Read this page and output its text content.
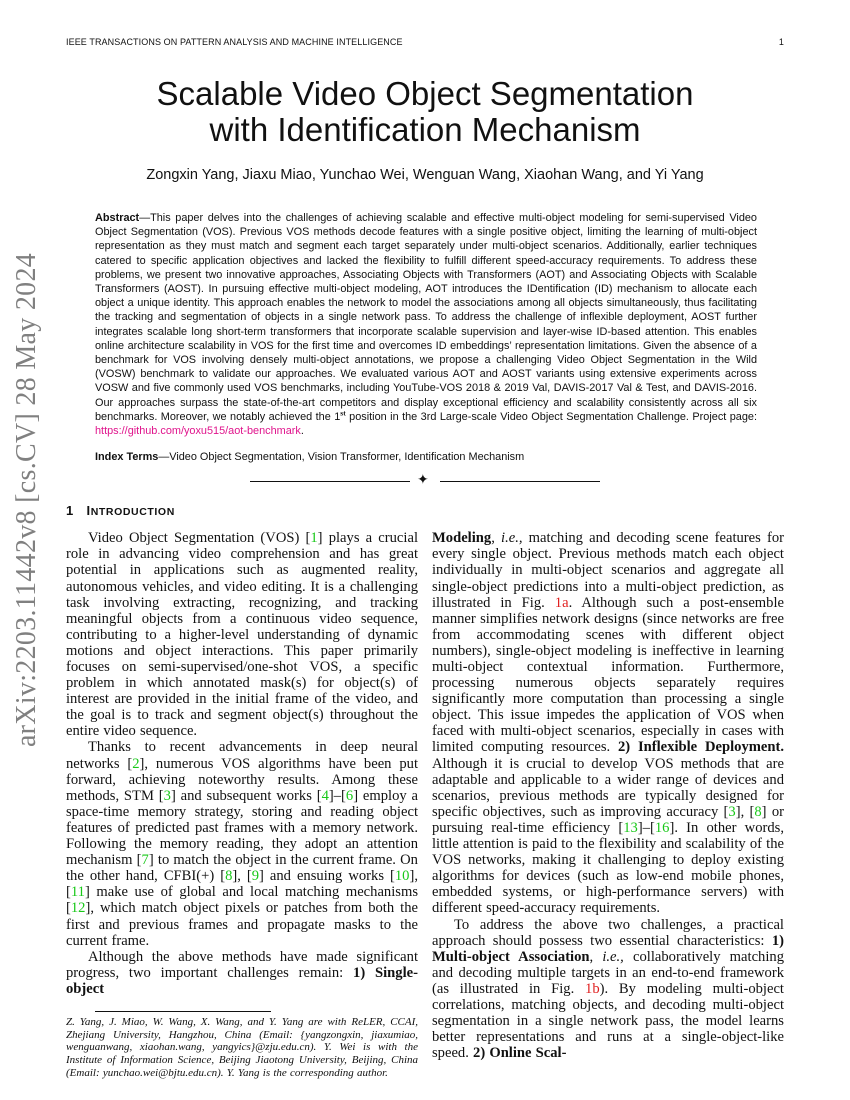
IEEE TRANSACTIONS ON PATTERN ANALYSIS AND MACHINE INTELLIGENCE	1
arXiv:2203.11442v8 [cs.CV] 28 May 2024
Scalable Video Object Segmentation
with Identification Mechanism
Zongxin Yang, Jiaxu Miao, Yunchao Wei, Wenguan Wang, Xiaohan Wang, and Yi Yang
Abstract—This paper delves into the challenges of achieving scalable and effective multi-object modeling for semi-supervised Video Object Segmentation (VOS). Previous VOS methods decode features with a single positive object, limiting the learning of multi-object representation as they must match and segment each target separately under multi-object scenarios. Additionally, earlier techniques catered to specific application objectives and lacked the flexibility to fulfill different speed-accuracy requirements. To address these problems, we present two innovative approaches, Associating Objects with Transformers (AOT) and Associating Objects with Scalable Transformers (AOST). In pursuing effective multi-object modeling, AOT introduces the IDentification (ID) mechanism to allocate each object a unique identity. This approach enables the network to model the associations among all objects simultaneously, thus facilitating the tracking and segmentation of objects in a single network pass. To address the challenge of inflexible deployment, AOST further integrates scalable long short-term transformers that incorporate scalable supervision and layer-wise ID-based attention. This enables online architecture scalability in VOS for the first time and overcomes ID embeddings’ representation limitations. Given the absence of a benchmark for VOS involving densely multi-object annotations, we propose a challenging Video Object Segmentation in the Wild (VOSW) benchmark to validate our approaches. We evaluated various AOT and AOST variants using extensive experiments across VOSW and five commonly used VOS benchmarks, including YouTube-VOS 2018 & 2019 Val, DAVIS-2017 Val & Test, and DAVIS-2016. Our approaches surpass the state-of-the-art competitors and display exceptional efficiency and scalability consistently across all six benchmarks. Moreover, we notably achieved the 1st position in the 3rd Large-scale Video Object Segmentation Challenge. Project page: https://github.com/yoxu515/aot-benchmark.
Index Terms—Video Object Segmentation, Vision Transformer, Identification Mechanism
✦
1 INTRODUCTION

Video Object Segmentation (VOS) [1] plays a crucial role in advancing video comprehension and has great potential in applications such as augmented reality, autonomous vehicles, and video editing. It is a challenging task involving extracting, recognizing, and tracking meaningful objects from a continuous video sequence, contributing to a higher-level understanding of dynamic motions and object interactions. This paper primarily focuses on semi-supervised/one-shot VOS, a specific problem in which annotated mask(s) for object(s) of interest are provided in the initial frame of the video, and the goal is to track and segment object(s) throughout the entire video sequence.

Thanks to recent advancements in deep neural networks [2], numerous VOS algorithms have been put forward, achieving noteworthy results. Among these methods, STM [3] and subsequent works [4]–[6] employ a space-time memory strategy, storing and reading object features of predicted past frames with a memory network. Following the memory reading, they adopt an attention mechanism [7] to match the object in the current frame. On the other hand, CFBI(+) [8], [9] and ensuing works [10], [11] make use of global and local matching mechanisms [12], which match object pixels or patches from both the first and previous frames and propagate masks to the current frame.

Although the above methods have made significant progress, two important challenges remain: 1) Single-object

Z. Yang, J. Miao, W. Wang, X. Wang, and Y. Yang are with ReLER, CCAI, Zhejiang University, Hangzhou, China (Email: {yangzongxin, jiaxumiao, wenguanwang, xiaohan.wang, yangyics}@zju.edu.cn). Y. Wei is with the Institute of Information Science, Beijing Jiaotong University, Beijing, China (Email: yunchao.wei@bjtu.edu.cn). Y. Yang is the corresponding author.

Modeling, i.e., matching and decoding scene features for every single object. Previous methods match each object individually in multi-object scenarios and aggregate all single-object predictions into a multi-object prediction, as illustrated in Fig. 1a. Although such a post-ensemble manner simplifies network designs (since networks are free from accommodating scenes with different object numbers), single-object modeling is ineffective in learning multi-object contextual information. Furthermore, processing numerous objects separately requires significantly more computation than processing a single object. This issue impedes the application of VOS when faced with multi-object scenarios, especially in cases with limited computing resources. 2) Inflexible Deployment. Although it is crucial to develop VOS methods that are adaptable and applicable to a wider range of devices and scenarios, previous methods are typically designed for specific objectives, such as improving accuracy [3], [8] or pursuing real-time efficiency [13]–[16]. In other words, little attention is paid to the flexibility and scalability of the VOS networks, making it challenging to deploy existing algorithms for devices (such as low-end mobile phones, embedded systems, or high-performance servers) with different speed-accuracy requirements.

To address the above two challenges, a practical approach should possess two essential characteristics: 1) Multi-object Association, i.e., collaboratively matching and decoding multiple targets in an end-to-end framework (as illustrated in Fig. 1b). By modeling multi-object correlations, matching objects, and decoding multi-object segmentation in a single network pass, the model learns better representations and runs at a single-object-like speed. 2) Online Scal-
